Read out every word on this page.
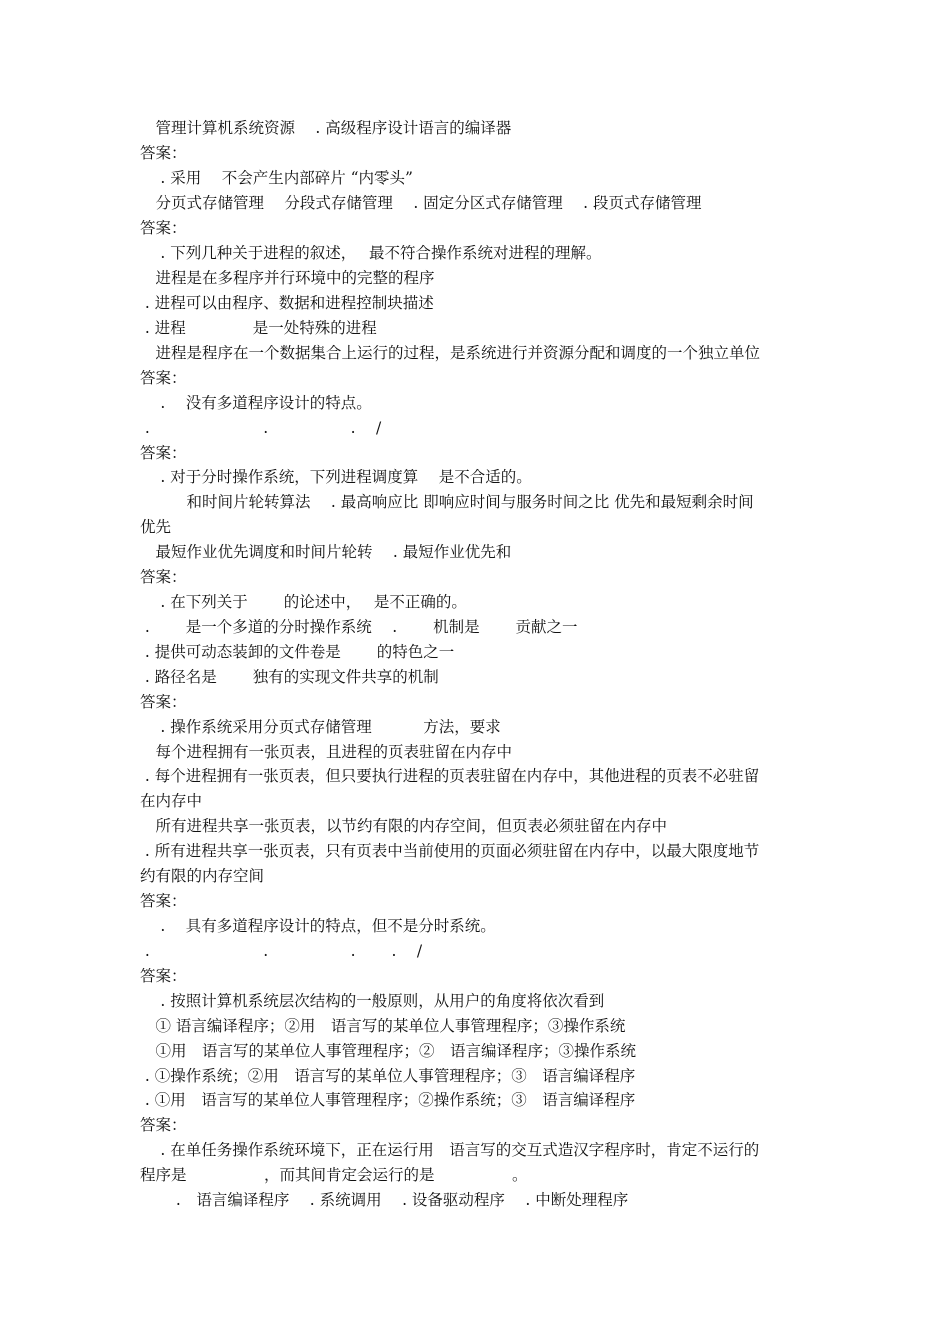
　管理计算机系统资源　 . 高级程序设计语言的编译器
答案：
　 . 采用　 不会产生内部碎片 “内零头”
　分页式存储管理　 分段式存储管理　 . 固定分区式存储管理　 . 段页式存储管理
答案：
　 . 下列几种关于进程的叙述，　 最不符合操作系统对进程的理解。
　进程是在多程序并行环境中的完整的程序
. 进程可以由程序、数据和进程控制块描述
. 进程　　　　 是一处特殊的进程
　进程是程序在一个数据集合上运行的过程，是系统进行并资源分配和调度的一个独立单位
答案：
　 .　 没有多道程序设计的特点。
.　　　　　　　 .　　　　　 .　 /
答案：
　 . 对于分时操作系统，下列进程调度算　 是不合适的。
　　　和时间片轮转算法　 . 最高响应比 即响应时间与服务时间之比 优先和最短剩余时间
优先
　最短作业优先调度和时间片轮转　 . 最短作业优先和
答案：
　 . 在下列关于　　 的论述中，　 是不正确的。
.　　 是一个多道的分时操作系统　 .　　 机制是　　 贡献之一
. 提供可动态装卸的文件卷是　　 的特色之一
. 路径名是　　 独有的实现文件共享的机制
答案：
　 . 操作系统采用分页式存储管理　　　 方法，要求
　每个进程拥有一张页表，且进程的页表驻留在内存中
. 每个进程拥有一张页表，但只要执行进程的页表驻留在内存中，其他进程的页表不必驻留
在内存中
　所有进程共享一张页表，以节约有限的内存空间，但页表必须驻留在内存中
. 所有进程共享一张页表，只有页表中当前使用的页面必须驻留在内存中，以最大限度地节
约有限的内存空间
答案：
　 .　 具有多道程序设计的特点，但不是分时系统。
.　　　　　　　 .　　　　　 .　　 .　 /
答案：
　 . 按照计算机系统层次结构的一般原则，从用户的角度将依次看到
　① 语言编译程序；②用　语言写的某单位人事管理程序；③操作系统
　①用　语言写的某单位人事管理程序；②　语言编译程序；③操作系统
. ①操作系统；②用　语言写的某单位人事管理程序；③　语言编译程序
. ①用　语言写的某单位人事管理程序；②操作系统；③　语言编译程序
答案：
　 . 在单任务操作系统环境下，正在运行用　语言写的交互式造汉字程序时，肯定不运行的
程序是　　　　　，而其间肯定会运行的是　　　　　。
　　 .　语言编译程序　 . 系统调用　 . 设备驱动程序　 . 中断处理程序
